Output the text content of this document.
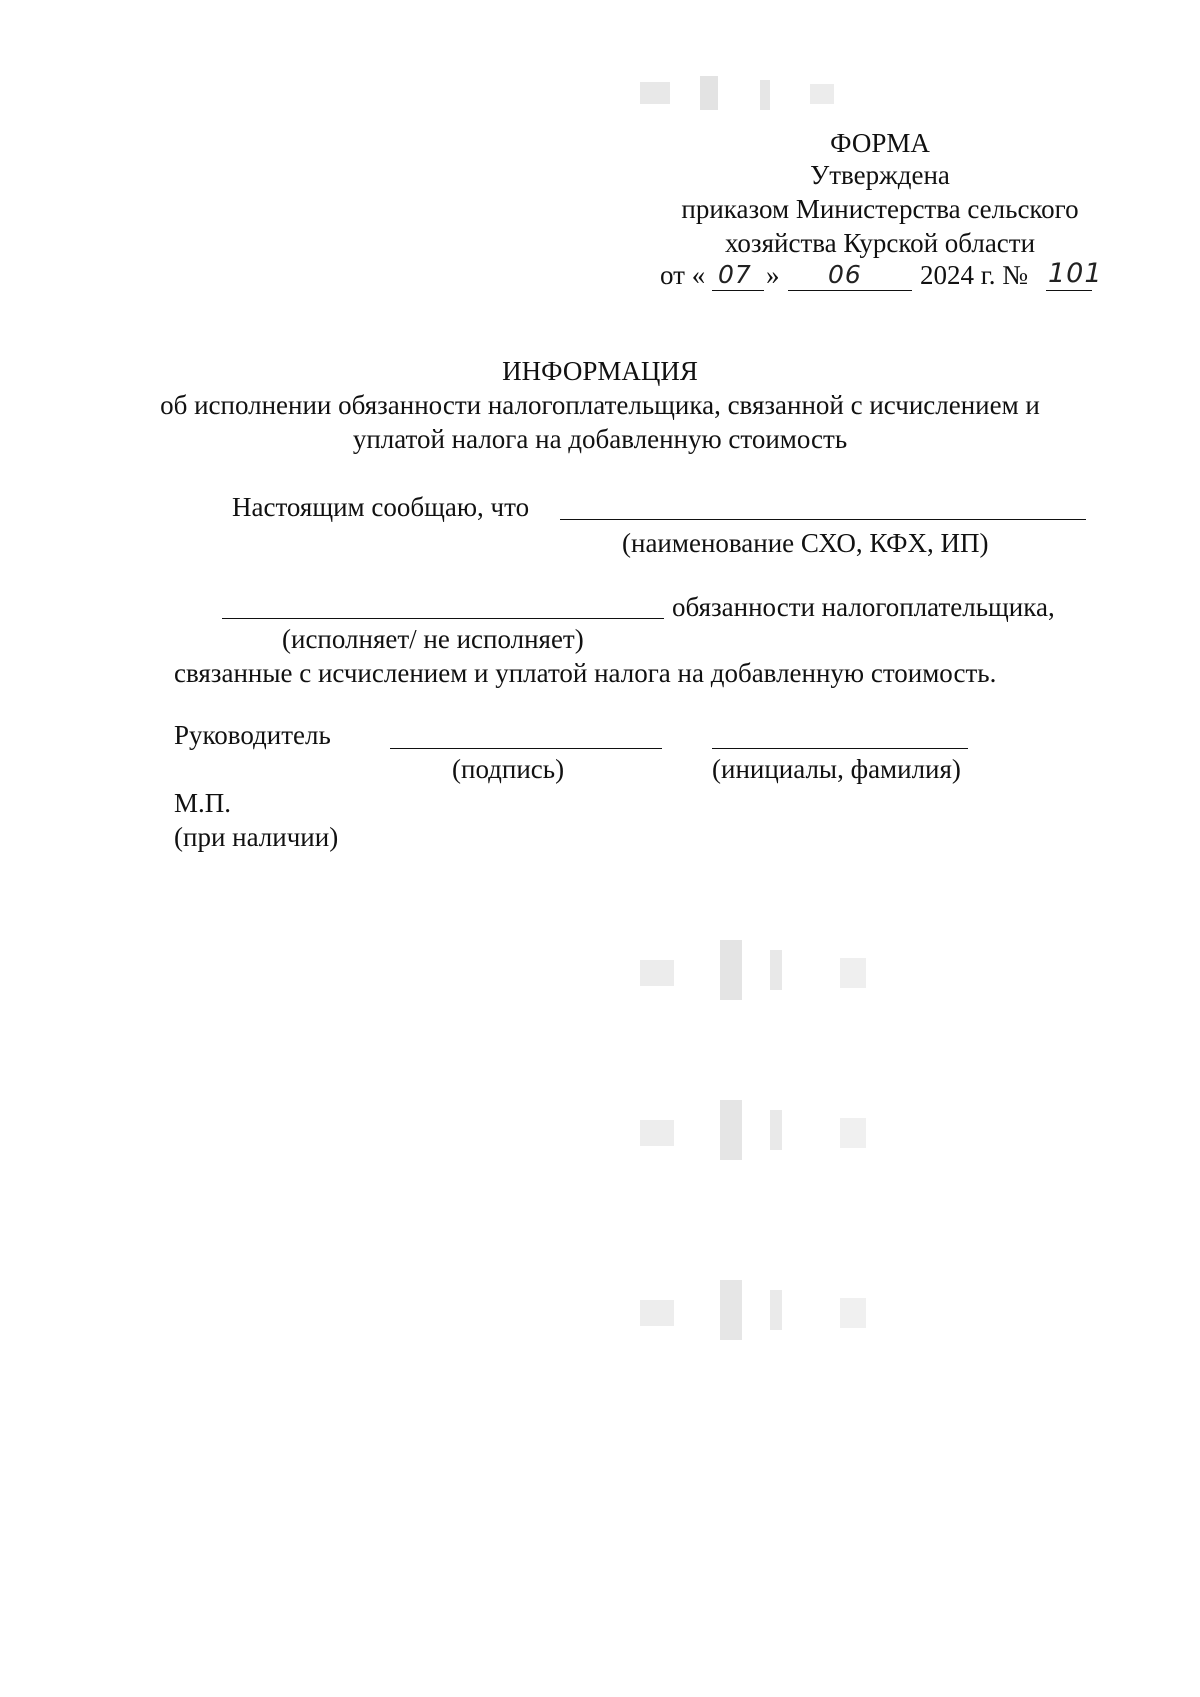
ФОРМА
Утверждена
приказом Министерства сельского
хозяйства Курской области
от « 07 » 06 2024 г. № 101
ИНФОРМАЦИЯ
об исполнении обязанности налогоплательщика, связанной с исчислением и
уплатой налога на добавленную стоимость
Настоящим сообщаю, что
(наименование СХО, КФХ, ИП)
обязанности налогоплательщика,
(исполняет/ не исполняет)
связанные с исчислением и уплатой налога на добавленную стоимость.
Руководитель
(подпись)	(инициалы, фамилия)
М.П.
(при наличии)
